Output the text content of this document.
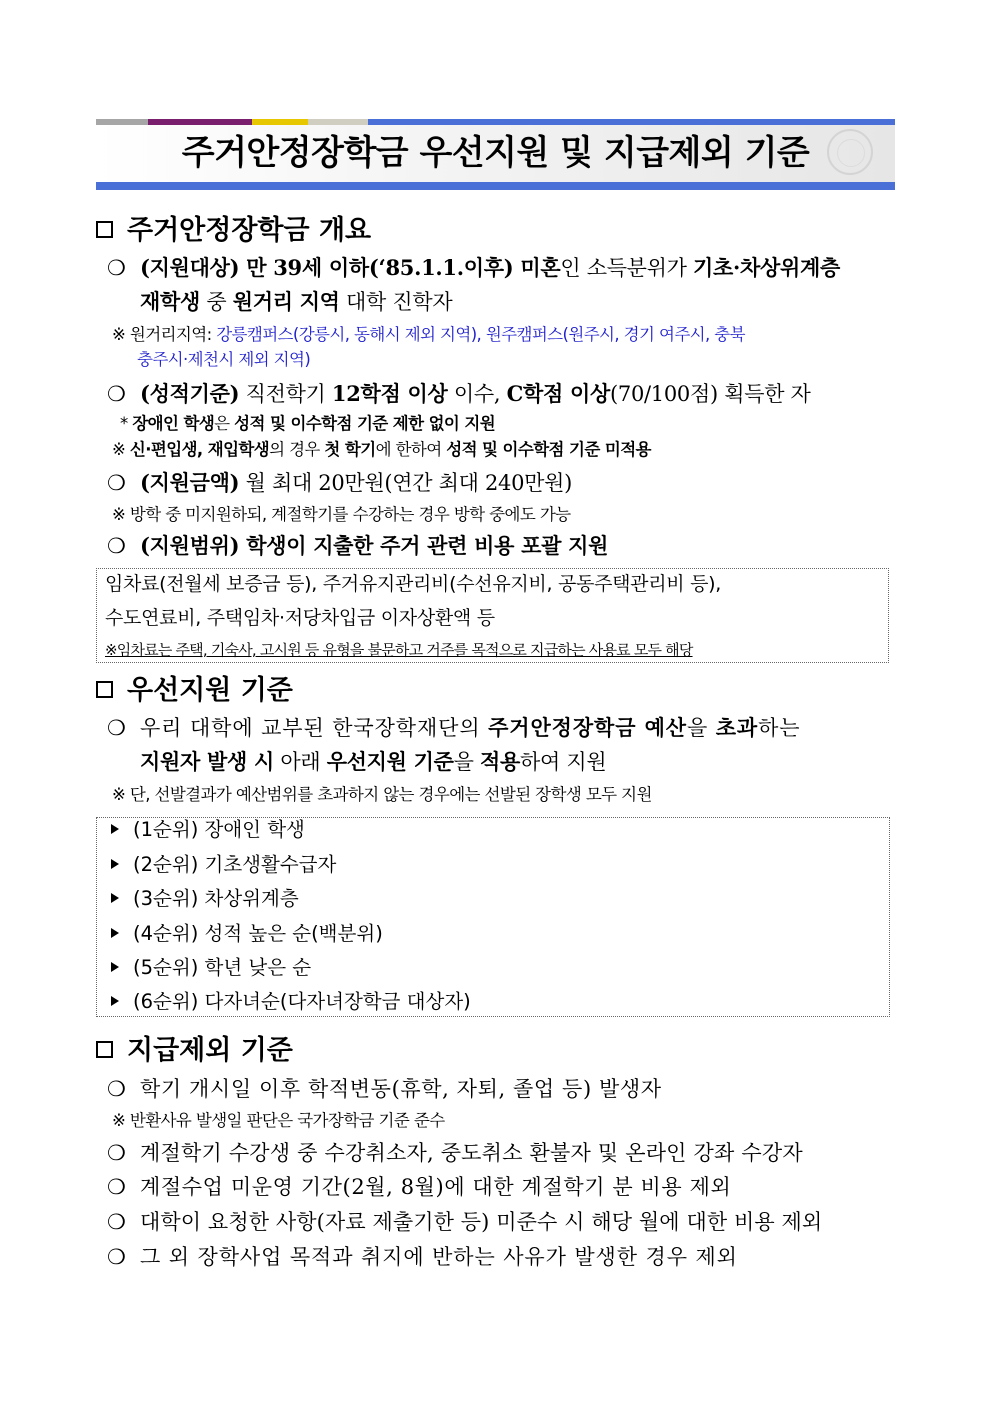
주거안정장학금 우선지원 및 지급제외 기준
주거안정장학금 개요
❍ (지원대상) 만 39세 이하(‘85.1.1.이후) 미혼인 소득분위가 기초·차상위계층
재학생 중 원거리 지역 대학 진학자
※ 원거리지역: 강릉캠퍼스(강릉시, 동해시 제외 지역), 원주캠퍼스(원주시, 경기 여주시, 충북
충주시·제천시 제외 지역)
❍ (성적기준) 직전학기 12학점 이상 이수, C학점 이상(70/100점) 획득한 자
* 장애인 학생은 성적 및 이수학점 기준 제한 없이 지원
※ 신·편입생, 재입학생의 경우 첫 학기에 한하여 성적 및 이수학점 기준 미적용
❍ (지원금액) 월 최대 20만원(연간 최대 240만원)
※ 방학 중 미지원하되, 계절학기를 수강하는 경우 방학 중에도 가능
❍ (지원범위) 학생이 지출한 주거 관련 비용 포괄 지원
임차료(전월세 보증금 등), 주거유지관리비(수선유지비, 공동주택관리비 등),
수도연료비, 주택임차·저당차입금 이자상환액 등
※임차료는 주택, 기숙사, 고시원 등 유형을 불문하고 거주를 목적으로 지급하는 사용료 모두 해당
우선지원 기준
❍ 우리 대학에 교부된 한국장학재단의 주거안정장학금 예산을 초과하는
지원자 발생 시 아래 우선지원 기준을 적용하여 지원
※ 단, 선발결과가 예산범위를 초과하지 않는 경우에는 선발된 장학생 모두 지원
(1순위) 장애인 학생
(2순위) 기초생활수급자
(3순위) 차상위계층
(4순위) 성적 높은 순(백분위)
(5순위) 학년 낮은 순
(6순위) 다자녀순(다자녀장학금 대상자)
지급제외 기준
❍ 학기 개시일 이후 학적변동(휴학, 자퇴, 졸업 등) 발생자
※ 반환사유 발생일 판단은 국가장학금 기준 준수
❍ 계절학기 수강생 중 수강취소자, 중도취소 환불자 및 온라인 강좌 수강자
❍ 계절수업 미운영 기간(2월, 8월)에 대한 계절학기 분 비용 제외
❍ 대학이 요청한 사항(자료 제출기한 등) 미준수 시 해당 월에 대한 비용 제외
❍ 그 외 장학사업 목적과 취지에 반하는 사유가 발생한 경우 제외
